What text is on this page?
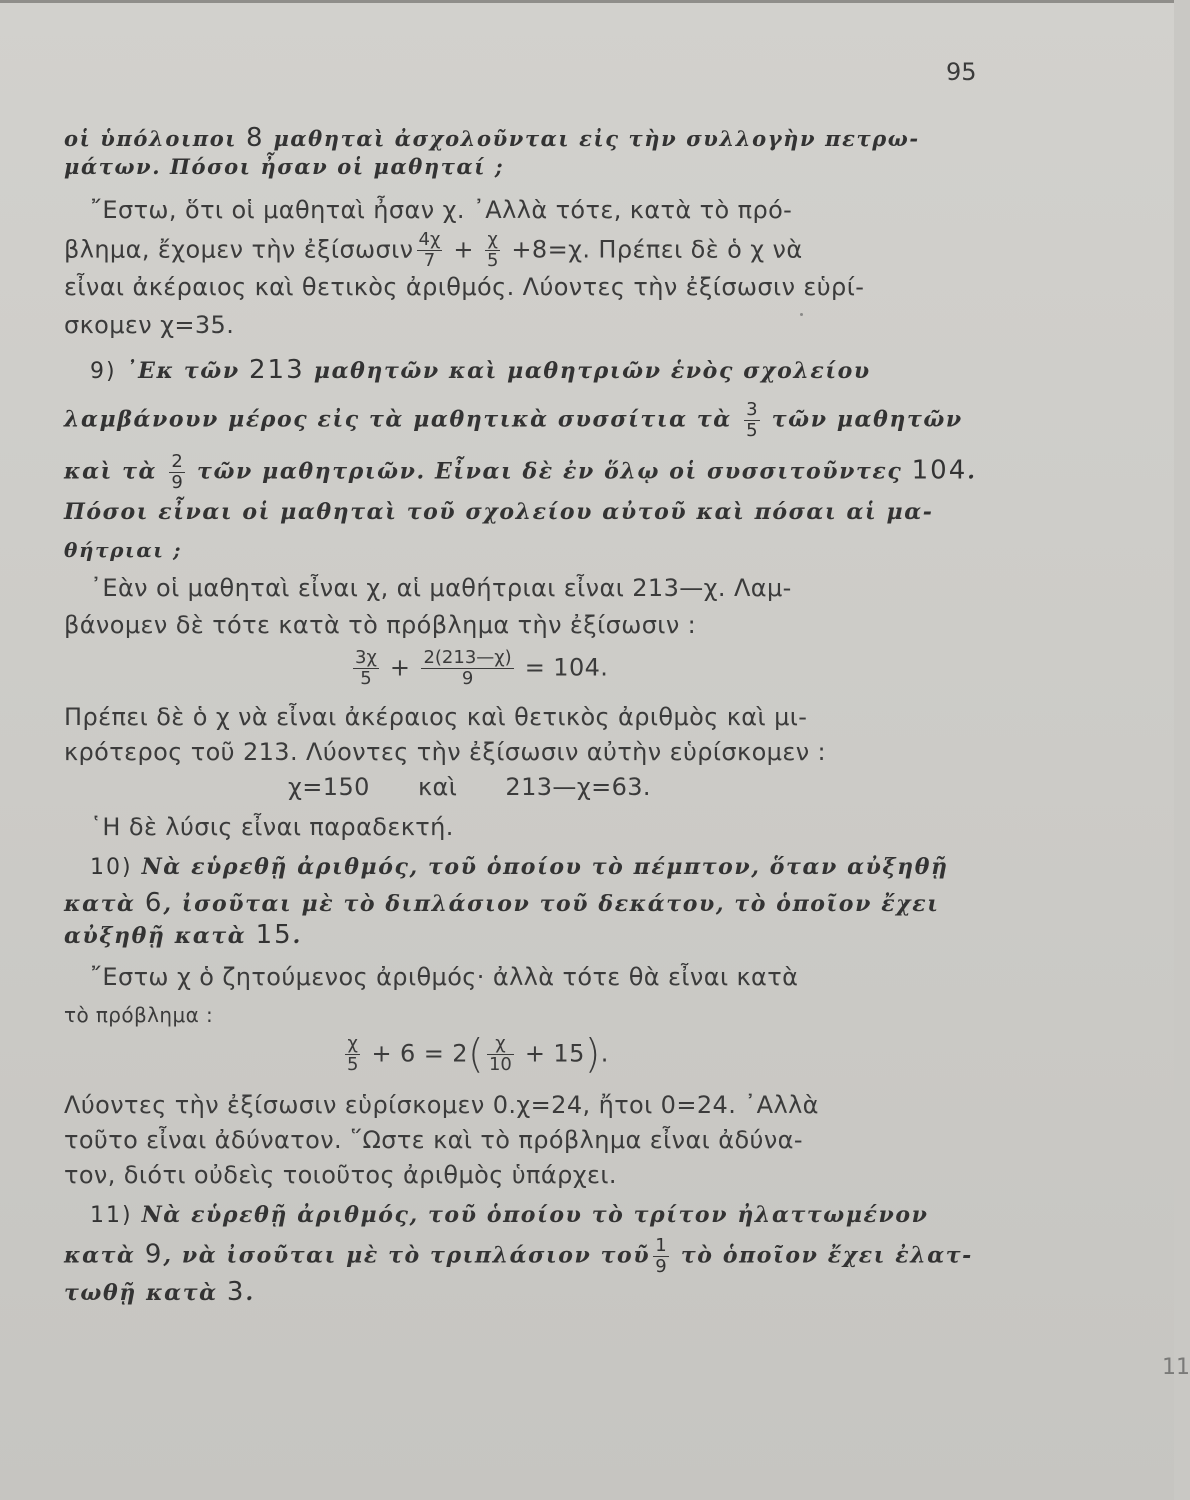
95
11
οἱ ὑπόλοιποι 8 μαθηταὶ ἀσχολοῦνται εἰς τὴν συλλογὴν πετρω-
μάτων. Πόσοι ἦσαν οἱ μαθηταί ;
῎Εστω, ὅτι οἱ μαθηταὶ ἦσαν χ. ᾿Αλλὰ τότε, κατὰ τὸ πρό-
βλημα, ἔχομεν τὴν ἐξίσωσιν $\frac{4\chi}{7} + \frac{\chi}{5} +8=\chi$. Πρέπει δὲ ὁ χ νὰ
εἶναι ἀκέραιος καὶ θετικὸς ἀριθμός. Λύοντες τὴν ἐξίσωσιν εὑρί-
σκομεν χ=35.
9) ᾿Εκ τῶν 213 μαθητῶν καὶ μαθητριῶν ἑνὸς σχολείου
λαμβάνουν μέρος εἰς τὰ μαθητικὰ συσσίτια τὰ $\frac{3}{5}$ τῶν μαθητῶν
καὶ τὰ $\frac{2}{9}$ τῶν μαθητριῶν. Εἶναι δὲ ἐν ὅλῳ οἱ συσσιτοῦντες 104.
Πόσοι εἶναι οἱ μαθηταὶ τοῦ σχολείου αὐτοῦ καὶ πόσαι αἱ μα-
θήτριαι ;
᾿Εὰν οἱ μαθηταὶ εἶναι χ, αἱ μαθήτριαι εἶναι 213—χ. Λαμ-
βάνομεν δὲ τότε κατὰ τὸ πρόβλημα τὴν ἐξίσωσιν :
$\frac{3\chi}{5} + \frac{2(213—\chi)}{9} = 104$.
Πρέπει δὲ ὁ χ νὰ εἶναι ἀκέραιος καὶ θετικὸς ἀριθμὸς καὶ μι-
κρότερος τοῦ 213. Λύοντες τὴν ἐξίσωσιν αὐτὴν εὑρίσκομεν :
χ=150      καὶ      213—χ=63.
῾Η δὲ λύσις εἶναι παραδεκτή.
10) Νὰ εὑρεθῇ ἀριθμός, τοῦ ὁποίου τὸ πέμπτον, ὅταν αὐξηθῇ
κατὰ 6, ἰσοῦται μὲ τὸ διπλάσιον τοῦ δεκάτου, τὸ ὁποῖον ἔχει
αὐξηθῇ κατὰ 15.
῎Εστω χ ὁ ζητούμενος ἀριθμός· ἀλλὰ τότε θὰ εἶναι κατὰ
τὸ πρόβλημα :
$\frac{\chi}{5} + 6 = 2( \frac{\chi}{10} + 15)$.
Λύοντες τὴν ἐξίσωσιν εὑρίσκομεν 0.χ=24, ἤτοι 0=24. ᾿Αλλὰ
τοῦτο εἶναι ἀδύνατον. ῞Ωστε καὶ τὸ πρόβλημα εἶναι ἀδύνα-
τον, διότι οὐδεὶς τοιοῦτος ἀριθμὸς ὑπάρχει.
11) Νὰ εὑρεθῇ ἀριθμός, τοῦ ὁποίου τὸ τρίτον ἠλαττωμένον
κατὰ 9, νὰ ἰσοῦται μὲ τὸ τριπλάσιον τοῦ $\frac{1}{9}$ τὸ ὁποῖον ἔχει ἐλατ-
τωθῇ κατὰ 3.
